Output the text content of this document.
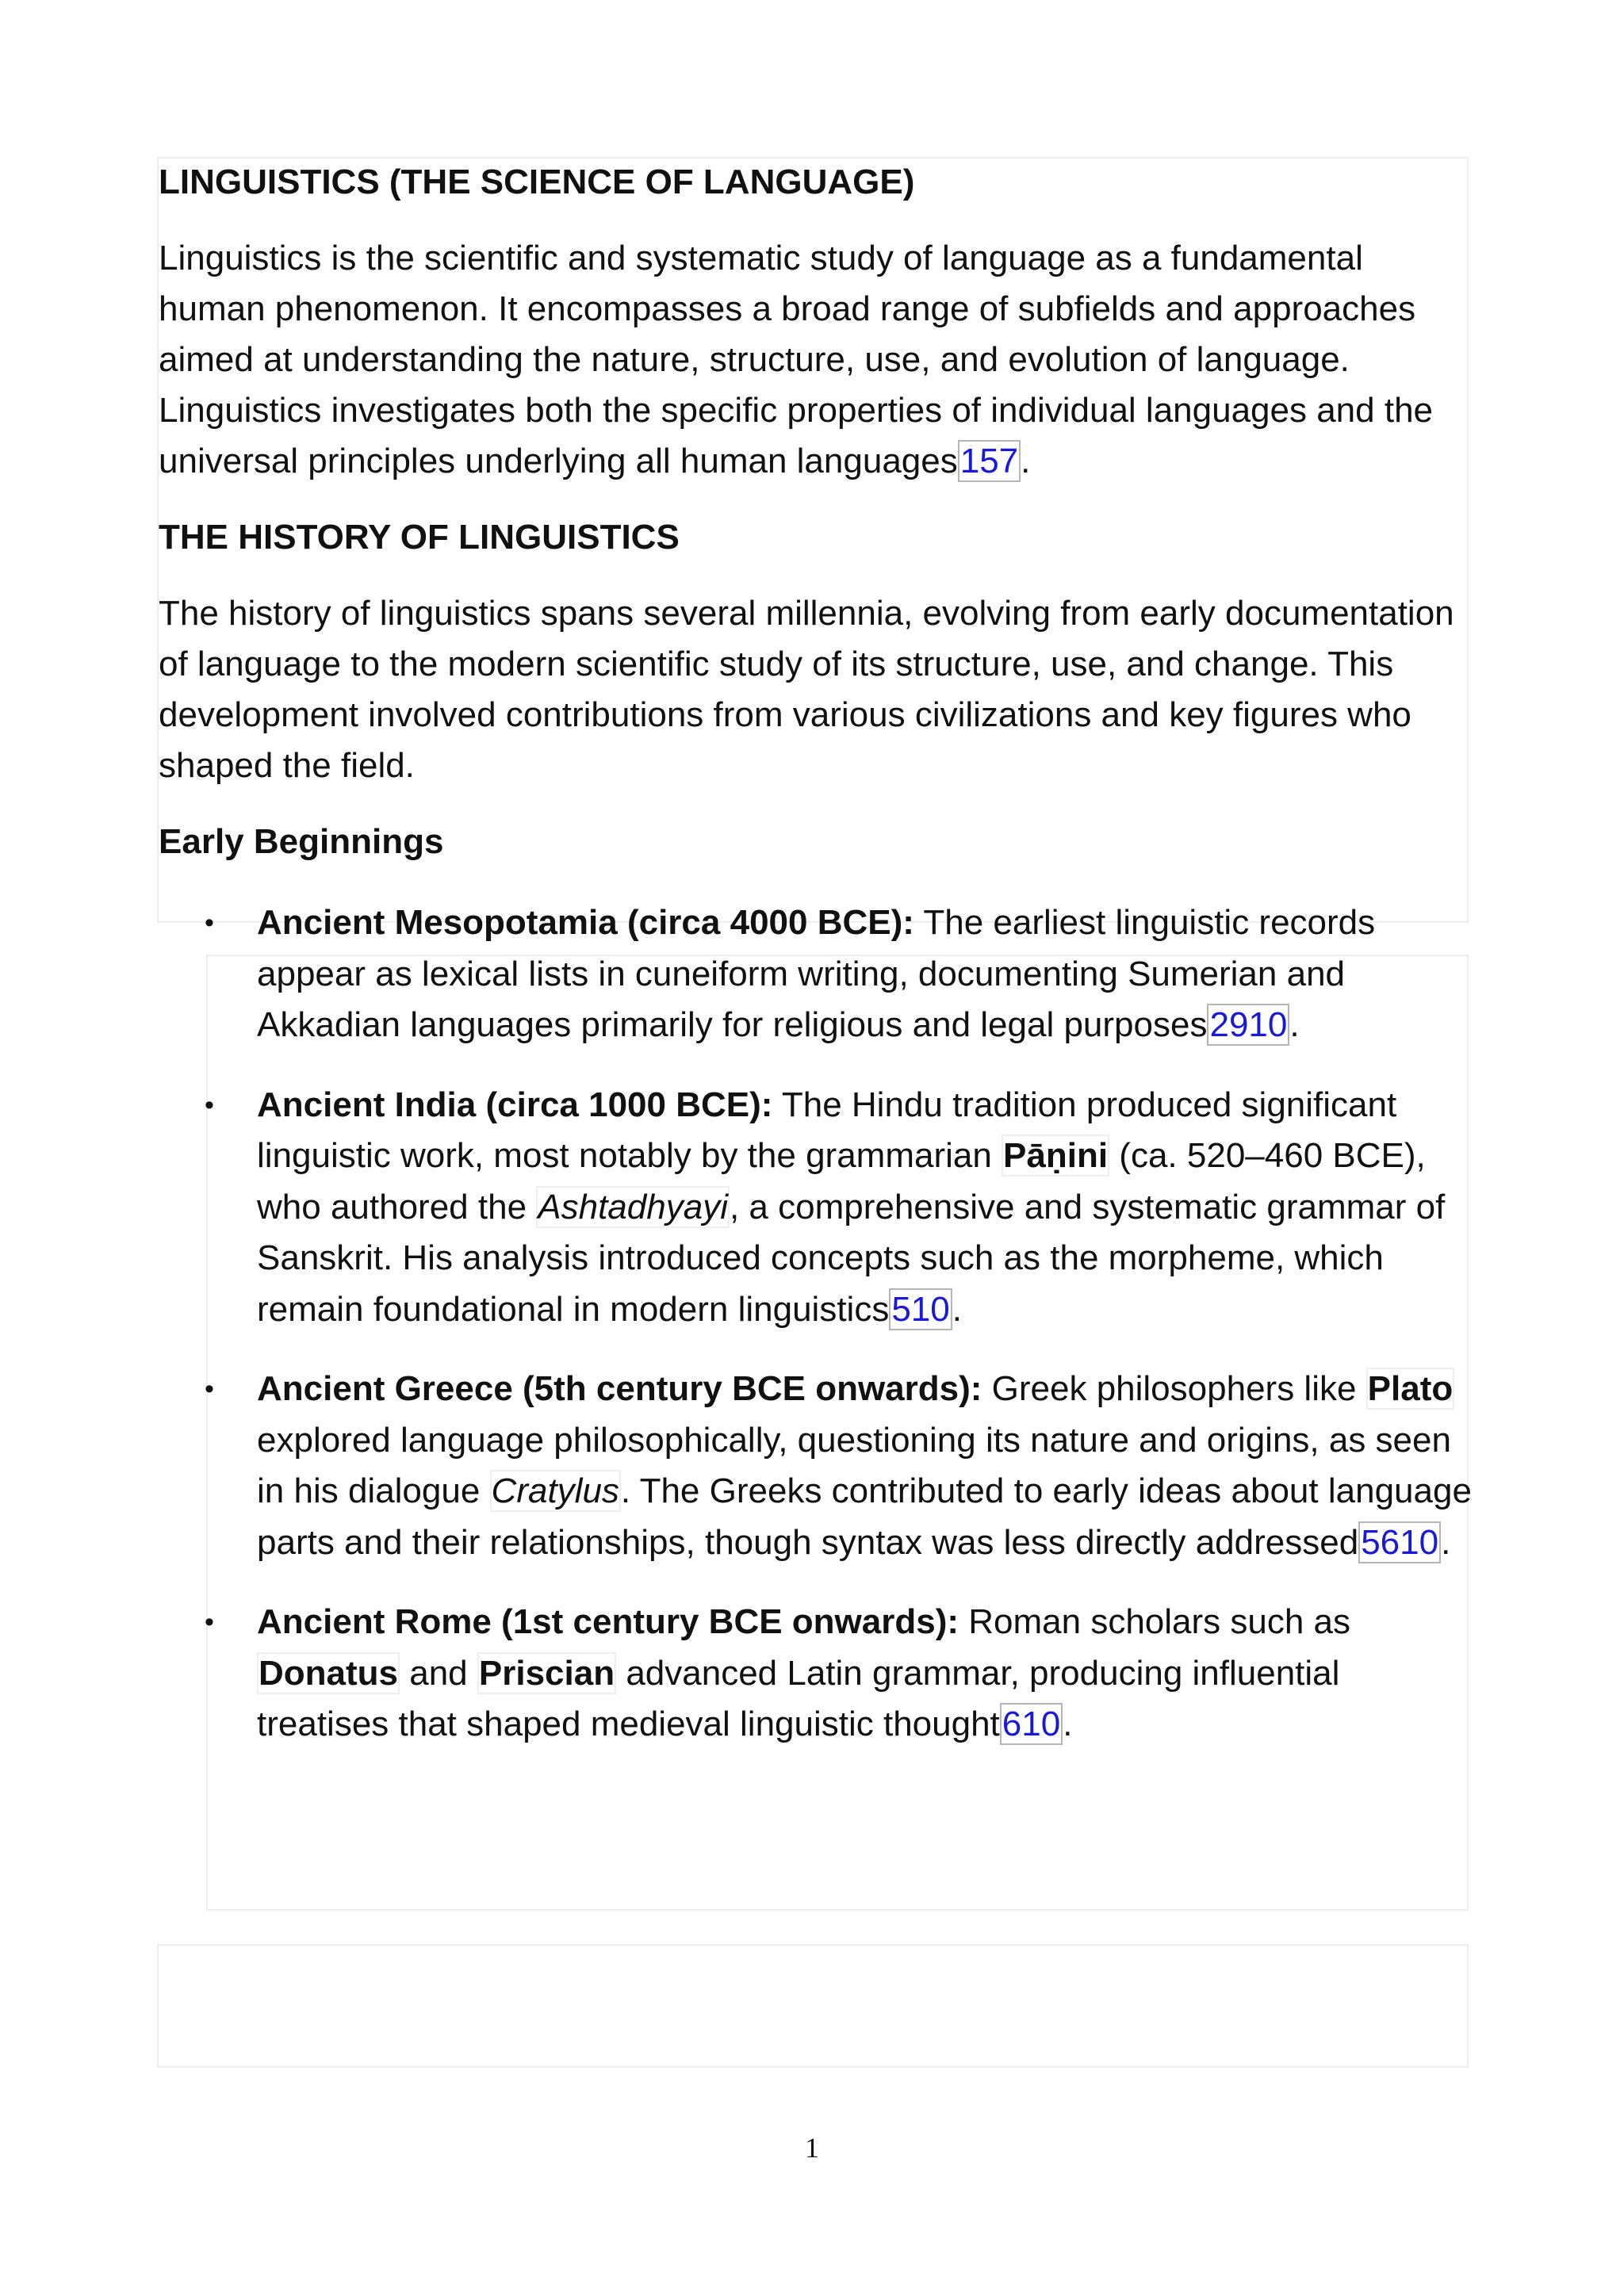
LINGUISTICS (THE SCIENCE OF LANGUAGE)

Linguistics is the scientific and systematic study of language as a fundamental human phenomenon. It encompasses a broad range of subfields and approaches aimed at understanding the nature, structure, use, and evolution of language. Linguistics investigates both the specific properties of individual languages and the universal principles underlying all human languages157.

THE HISTORY OF LINGUISTICS

The history of linguistics spans several millennia, evolving from early documentation of language to the modern scientific study of its structure, use, and change. This development involved contributions from various civilizations and key figures who shaped the field.

Early Beginnings
• Ancient Mesopotamia (circa 4000 BCE): The earliest linguistic records appear as lexical lists in cuneiform writing, documenting Sumerian and Akkadian languages primarily for religious and legal purposes2910.
• Ancient India (circa 1000 BCE): The Hindu tradition produced significant linguistic work, most notably by the grammarian Pāṇini (ca. 520–460 BCE), who authored the Ashtadhyayi, a comprehensive and systematic grammar of Sanskrit. His analysis introduced concepts such as the morpheme, which remain foundational in modern linguistics510.
• Ancient Greece (5th century BCE onwards): Greek philosophers like Plato explored language philosophically, questioning its nature and origins, as seen in his dialogue Cratylus. The Greeks contributed to early ideas about language parts and their relationships, though syntax was less directly addressed5610.
• Ancient Rome (1st century BCE onwards): Roman scholars such as Donatus and Priscian advanced Latin grammar, producing influential treatises that shaped medieval linguistic thought610.
1
